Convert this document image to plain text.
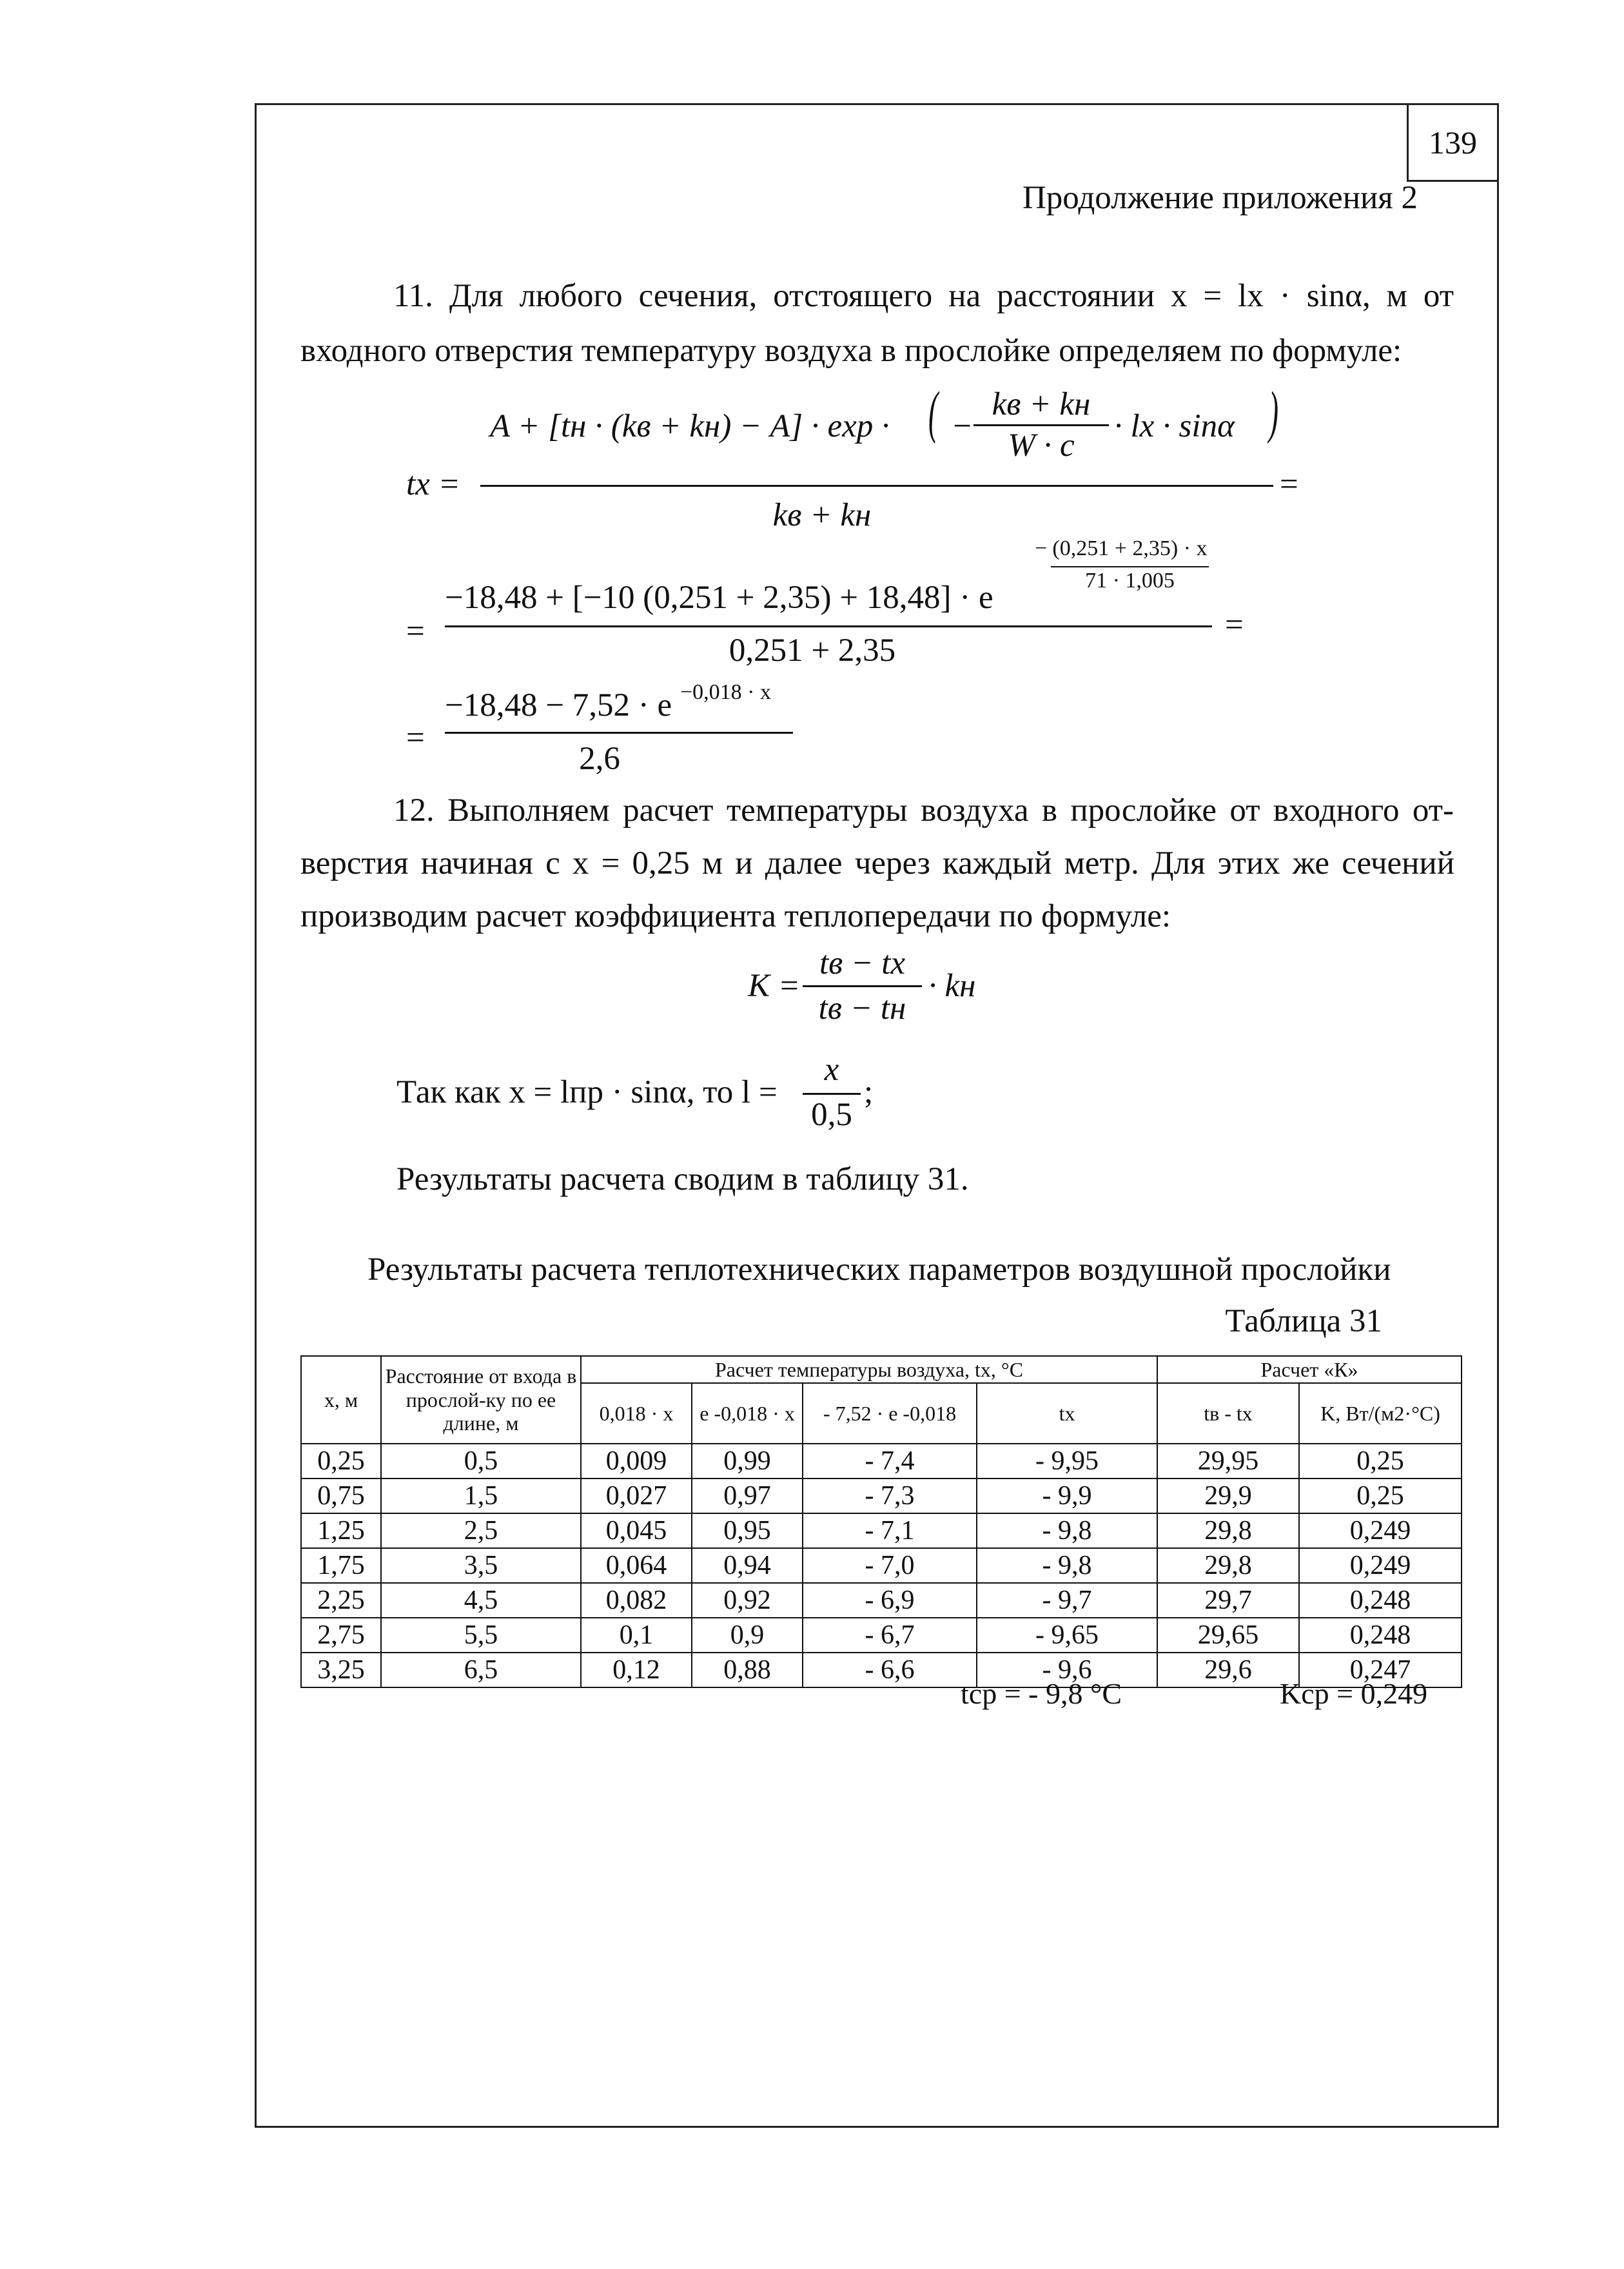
139
Продолжение приложения 2
11. Для любого сечения, отстоящего на расстоянии x = lx · sinα, м от
входного отверстия температуру воздуха в прослойке определяем по формуле:
tx =
A + [tн · (kв + kн) − A] · exp · ( −
kв + kн
W · c
· lx · sinα )
kв + kн
=
=
−18,48 + [−10 (0,251 + 2,35) + 18,48] · e
− (0,251 + 2,35) · x
71 · 1,005
0,251 + 2,35
=
=
−18,48 − 7,52 · e −0,018 · x
2,6
12. Выполняем расчет температуры воздуха в прослойке от входного от-
верстия начиная с x = 0,25 м и далее через каждый метр. Для этих же сечений
производим расчет коэффициента теплопередачи по формуле:
K =
tв − tx
tв − tн
· kн
Так как x = lпр · sinα, то l =
x
0,5
;
Результаты расчета сводим в таблицу 31.
Результаты расчета теплотехнических параметров воздушной прослойки
Таблица 31
x, м	Расстояние от входа в прослой-ку по ее длине, м	Расчет температуры воздуха, tx, °C				Расчет «К»	
		0,018 · x	e -0,018 · x	- 7,52 · e -0,018	tx	tв - tx	K, Вт/(м2·°C)
0,25	0,5	0,009	0,99	- 7,4	- 9,95	29,95	0,25
0,75	1,5	0,027	0,97	- 7,3	- 9,9	29,9	0,25
1,25	2,5	0,045	0,95	- 7,1	- 9,8	29,8	0,249
1,75	3,5	0,064	0,94	- 7,0	- 9,8	29,8	0,249
2,25	4,5	0,082	0,92	- 6,9	- 9,7	29,7	0,248
2,75	5,5	0,1	0,9	- 6,7	- 9,65	29,65	0,248
3,25	6,5	0,12	0,88	- 6,6	- 9,6	29,6	0,247
tср = - 9,8 °C	Kср = 0,249
